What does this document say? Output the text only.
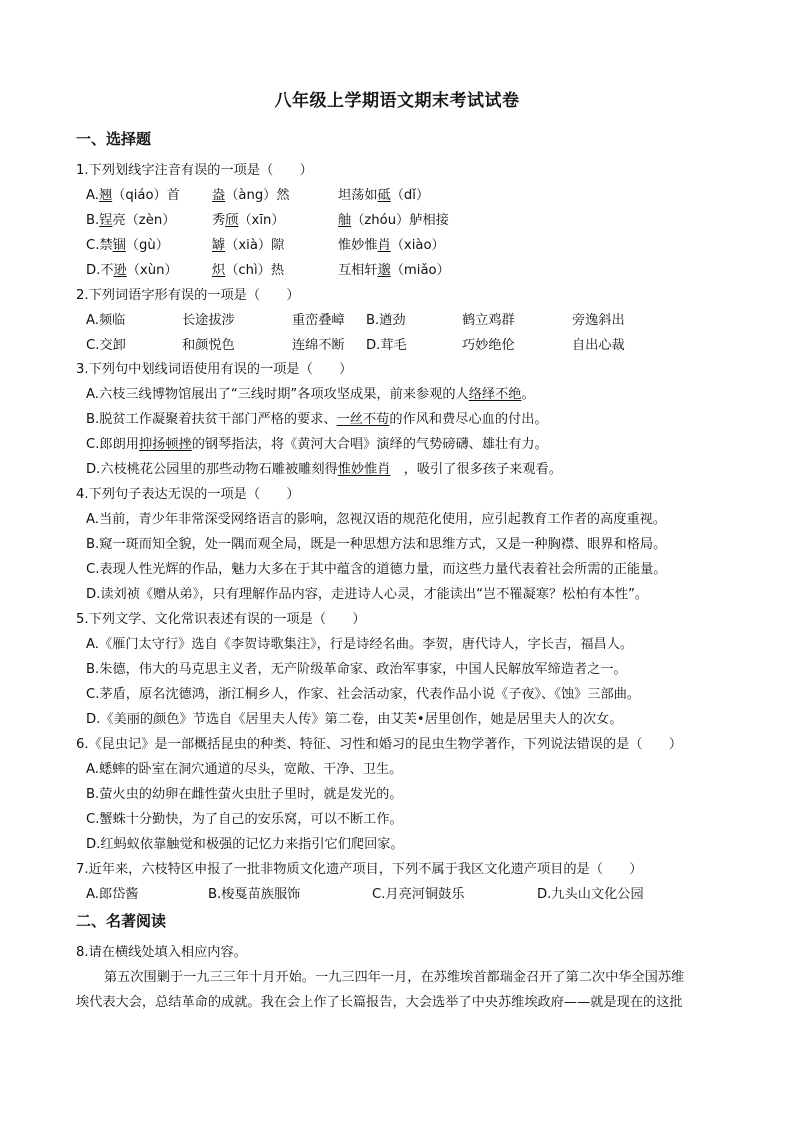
八年级上学期语文期末考试试卷
一、选择题
1.下列划线字注音有误的一项是（　　）
A.翘（qiáo）首 盎（àng）然	坦荡如砥（dǐ）
B.锃亮（zèn）	秀颀（xīn）	舳（zhóu）舻相接
C.禁锢（gù）	罅（xià）隙	惟妙惟肖（xiào）
D.不逊（xùn）	炽（chì）热	互相轩邈（miǎo）
2.下列词语字形有误的一项是（　　）
A.频临	长途拔涉	重峦叠嶂 B.遒劲	鹤立鸡群	旁逸斜出
C.交卸	和颜悦色	连绵不断 D.茸毛	巧妙绝伦	自出心裁
3.下列句中划线词语使用有误的一项是（　　）
A.六枝三线博物馆展出了“三线时期”各项攻坚成果，前来参观的人络绎不绝。
B.脱贫工作凝聚着扶贫干部门严格的要求、一丝不苟的作风和费尽心血的付出。
C.郎朗用抑扬顿挫的钢琴指法，将《黄河大合唱》演绎的气势磅礴、雄壮有力。
D.六枝桃花公园里的那些动物石雕被雕刻得惟妙惟肖　，吸引了很多孩子来观看。
4.下列句子表达无误的一项是（　　）
A.当前，青少年非常深受网络语言的影响，忽视汉语的规范化使用，应引起教育工作者的高度重视。
B.窥一斑而知全貌，处一隅而观全局，既是一种思想方法和思维方式，又是一种胸襟、眼界和格局。
C.表现人性光辉的作品，魅力大多在于其中蕴含的道德力量，而这些力量代表着社会所需的正能量。
D.读刘祯《赠从弟》，只有理解作品内容，走进诗人心灵，才能读出“岂不罹凝寒？松柏有本性”。
5.下列文学、文化常识表述有误的一项是（　　）
A.《雁门太守行》选自《李贺诗歌集注》，行是诗经名曲。李贺，唐代诗人，字长吉，福昌人。
B.朱德，伟大的马克思主义者，无产阶级革命家、政治军事家，中国人民解放军缔造者之一。
C.茅盾，原名沈德鸿，浙江桐乡人，作家、社会活动家，代表作品小说《子夜》、《蚀》三部曲。
D.《美丽的颜色》节选自《居里夫人传》第二卷，由艾芙•居里创作，她是居里夫人的次女。
6.《昆虫记》是一部概括昆虫的种类、特征、习性和婚习的昆虫生物学著作，下列说法错误的是（　　）
A.蟋蟀的卧室在洞穴通道的尽头，宽敞、干净、卫生。
B.萤火虫的幼卵在雌性萤火虫肚子里时，就是发光的。
C.蟹蛛十分勤快，为了自己的安乐窝，可以不断工作。
D.红蚂蚁依靠触觉和极强的记忆力来指引它们爬回家。
7.近年来，六枝特区申报了一批非物质文化遗产项目，下列不属于我区文化遗产项目的是（　　）
A.郎岱酱	B.梭戛苗族服饰	C.月亮河铜鼓乐	D.九头山文化公园
二、名著阅读
8.请在横线处填入相应内容。
第五次围剿于一九三三年十月开始。一九三四年一月，在苏维埃首都瑞金召开了第二次中华全国苏维
埃代表大会，总结革命的成就。我在会上作了长篇报告，大会选举了中央苏维埃政府——就是现在的这批
